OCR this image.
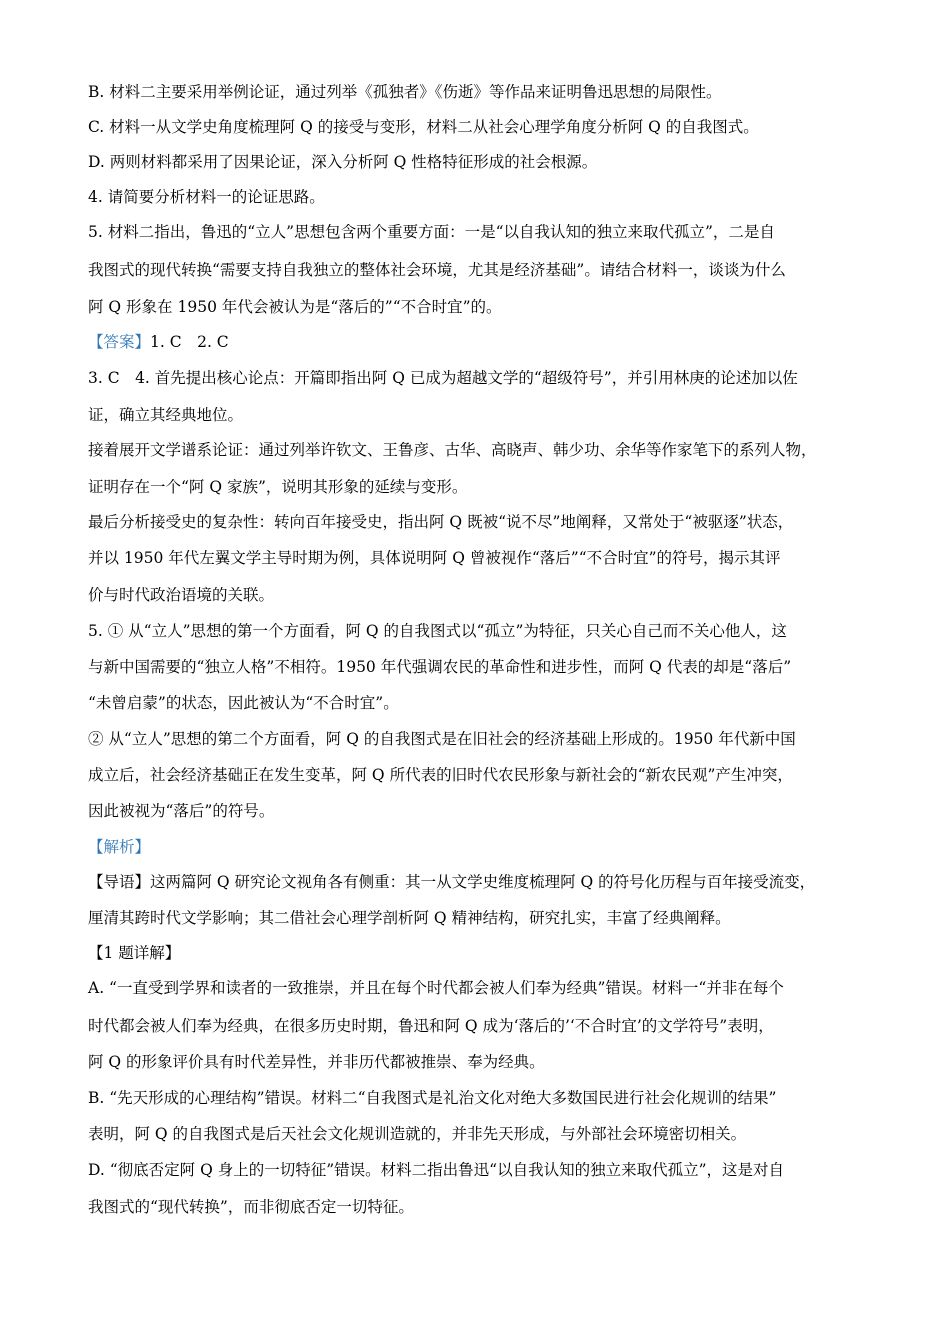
B. 材料二主要采用举例论证，通过列举《孤独者》《伤逝》等作品来证明鲁迅思想的局限性。
C. 材料一从文学史角度梳理阿 Q 的接受与变形，材料二从社会心理学角度分析阿 Q 的自我图式。
D. 两则材料都采用了因果论证，深入分析阿 Q 性格特征形成的社会根源。
4. 请简要分析材料一的论证思路。
5. 材料二指出，鲁迅的“立人”思想包含两个重要方面：一是“以自我认知的独立来取代孤立”，二是自
我图式的现代转换“需要支持自我独立的整体社会环境，尤其是经济基础”。请结合材料一，谈谈为什么
阿 Q 形象在 1950 年代会被认为是“落后的”“不合时宜”的。
【答案】1. C　2. C
3. C　4. 首先提出核心论点：开篇即指出阿 Q 已成为超越文学的“超级符号”，并引用林庚的论述加以佐
证，确立其经典地位。
接着展开文学谱系论证：通过列举许钦文、王鲁彦、古华、高晓声、韩少功、余华等作家笔下的系列人物，
证明存在一个“阿 Q 家族”，说明其形象的延续与变形。
最后分析接受史的复杂性：转向百年接受史，指出阿 Q 既被“说不尽”地阐释，又常处于“被驱逐”状态，
并以 1950 年代左翼文学主导时期为例，具体说明阿 Q 曾被视作“落后”“不合时宜”的符号，揭示其评
价与时代政治语境的关联。
5. ① 从“立人”思想的第一个方面看，阿 Q 的自我图式以“孤立”为特征，只关心自己而不关心他人，这
与新中国需要的“独立人格”不相符。1950 年代强调农民的革命性和进步性，而阿 Q 代表的却是“落后”
“未曾启蒙”的状态，因此被认为“不合时宜”。
② 从“立人”思想的第二个方面看，阿 Q 的自我图式是在旧社会的经济基础上形成的。1950 年代新中国
成立后，社会经济基础正在发生变革，阿 Q 所代表的旧时代农民形象与新社会的“新农民观”产生冲突，
因此被视为“落后”的符号。
【解析】
【导语】这两篇阿 Q 研究论文视角各有侧重：其一从文学史维度梳理阿 Q 的符号化历程与百年接受流变，
厘清其跨时代文学影响；其二借社会心理学剖析阿 Q 精神结构，研究扎实，丰富了经典阐释。
【1 题详解】
A. “一直受到学界和读者的一致推崇，并且在每个时代都会被人们奉为经典”错误。材料一“并非在每个
时代都会被人们奉为经典，在很多历史时期，鲁迅和阿 Q 成为‘落后的’‘不合时宜’的文学符号”表明，
阿 Q 的形象评价具有时代差异性，并非历代都被推崇、奉为经典。
B. “先天形成的心理结构”错误。材料二“自我图式是礼治文化对绝大多数国民进行社会化规训的结果”
表明，阿 Q 的自我图式是后天社会文化规训造就的，并非先天形成，与外部社会环境密切相关。
D. “彻底否定阿 Q 身上的一切特征”错误。材料二指出鲁迅“以自我认知的独立来取代孤立”，这是对自
我图式的“现代转换”，而非彻底否定一切特征。
